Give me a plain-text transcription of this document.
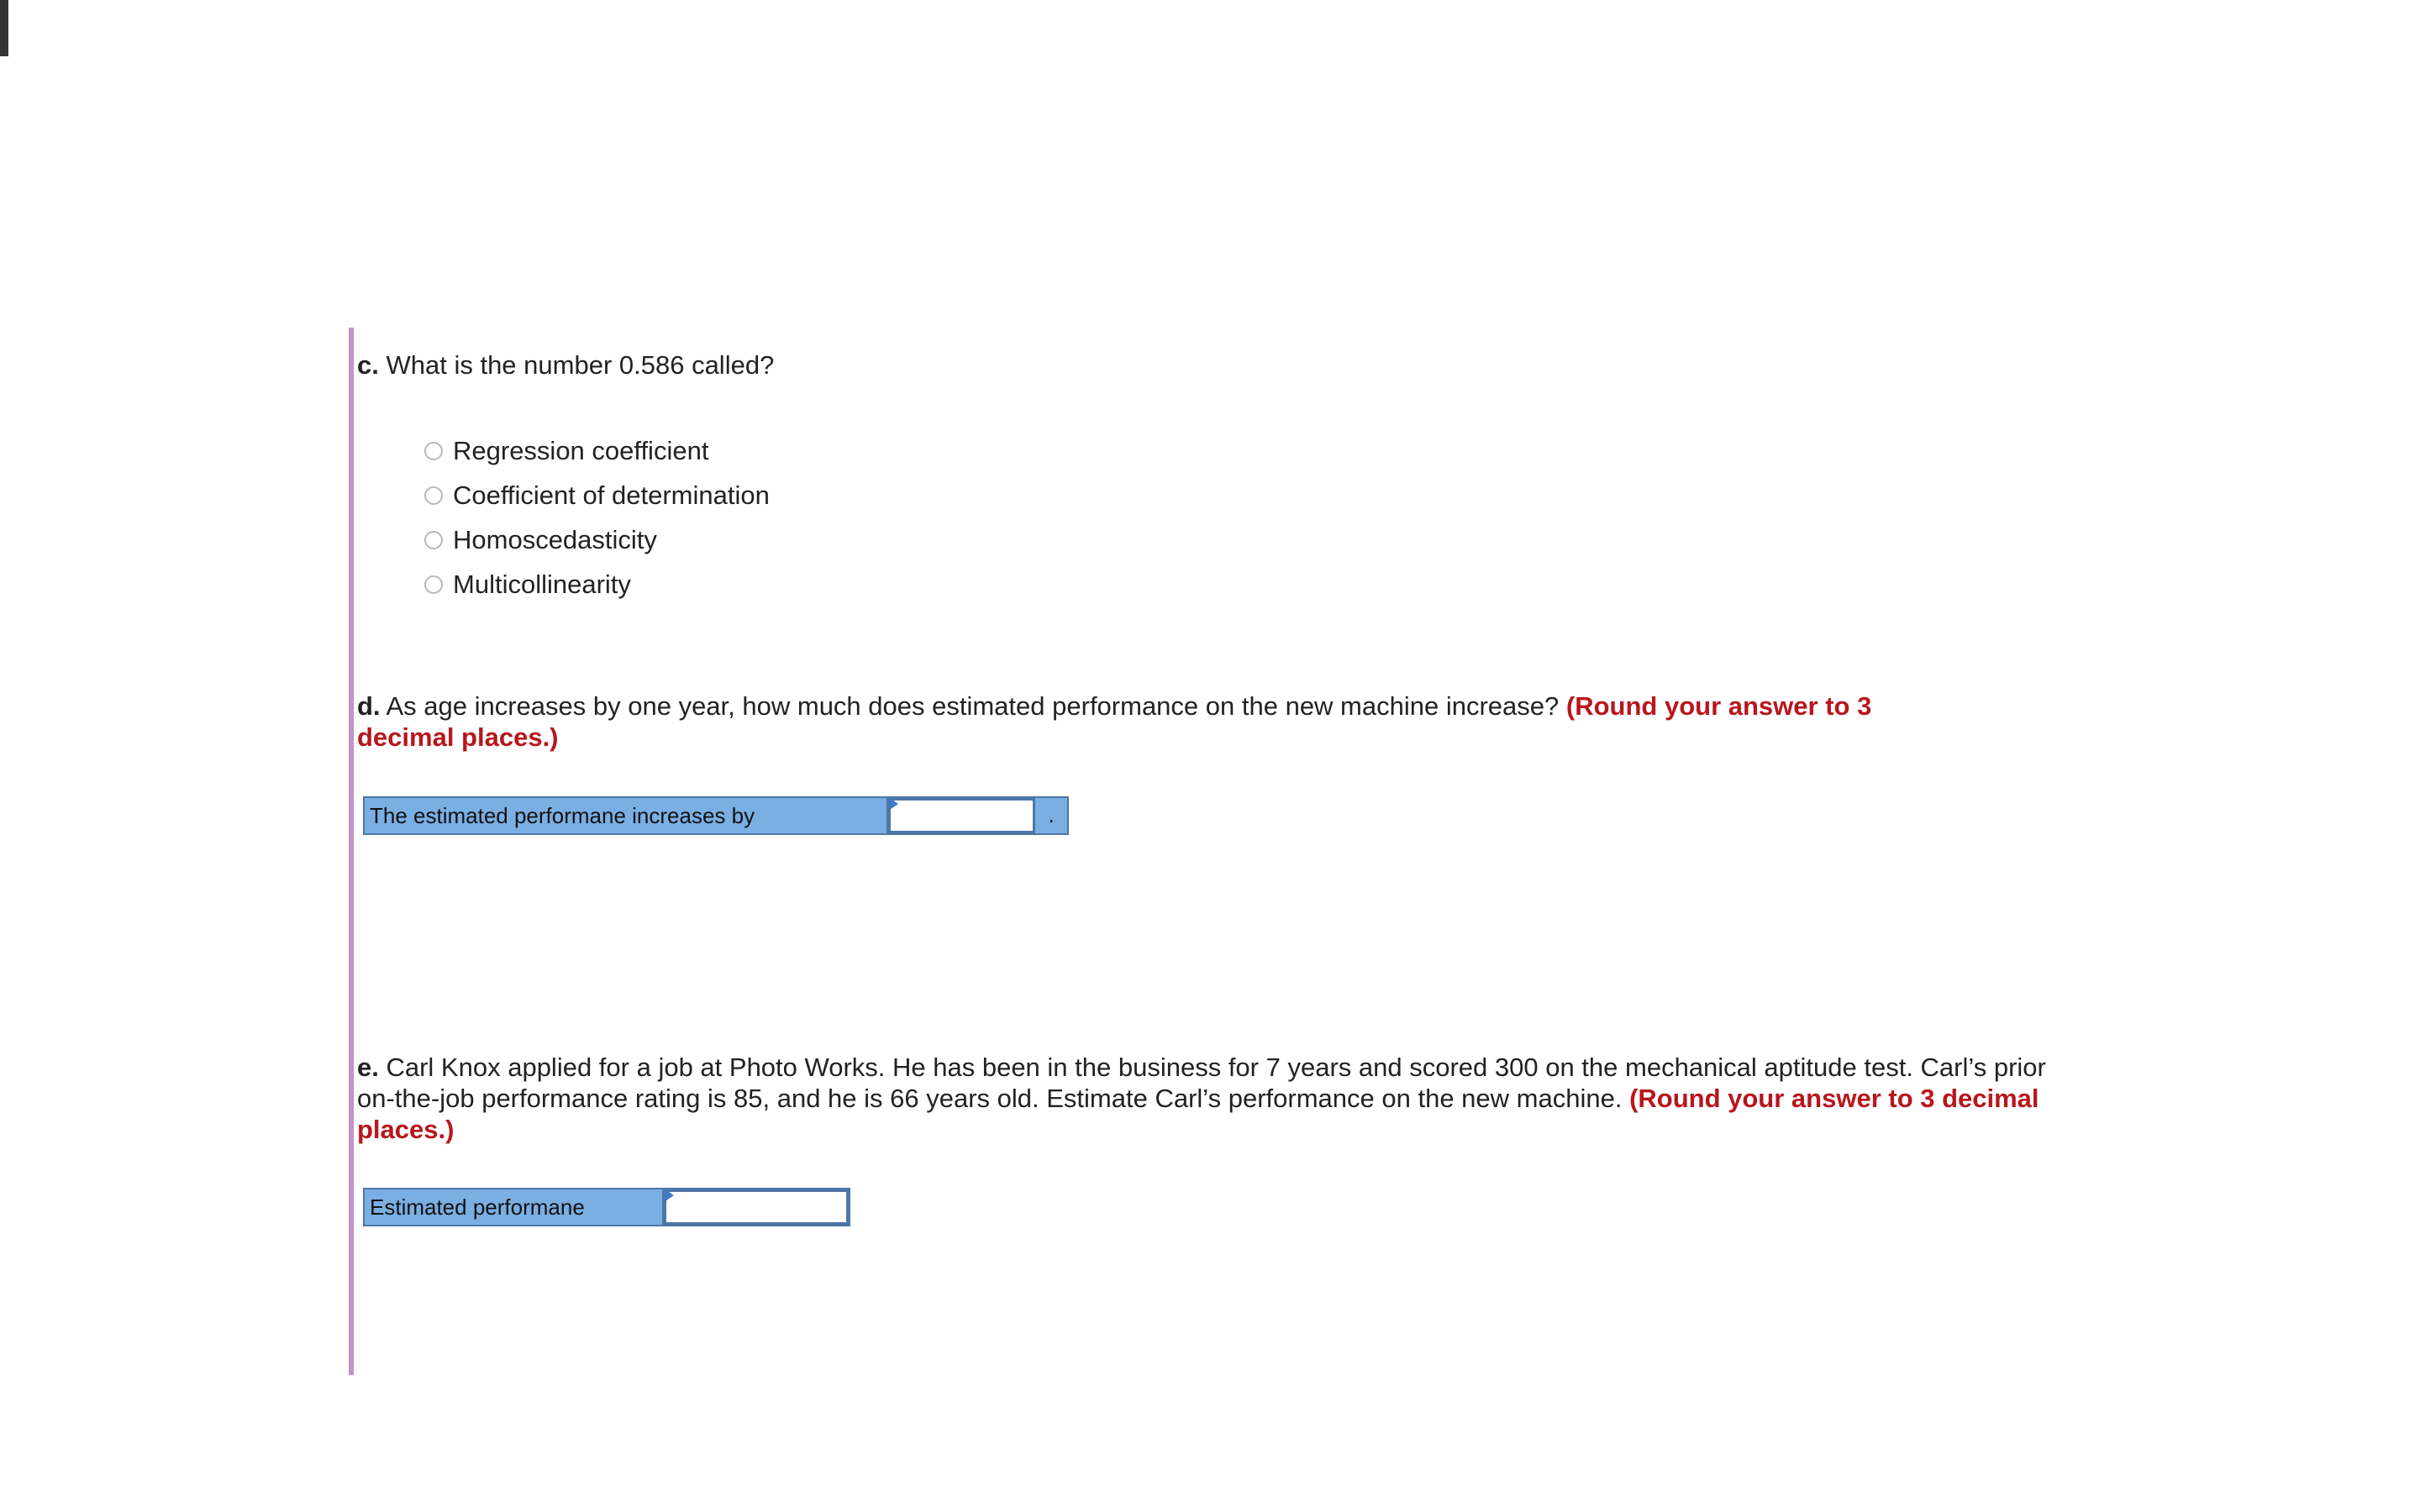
c. What is the number 0.586 called?
Regression coefficient
Coefficient of determination
Homoscedasticity
Multicollinearity
d. As age increases by one year, how much does estimated performance on the new machine increase? (Round your answer to 3 decimal places.)
The estimated performane increases by	.
e. Carl Knox applied for a job at Photo Works. He has been in the business for 7 years and scored 300 on the mechanical aptitude test. Carl’s prior on-the-job performance rating is 85, and he is 66 years old. Estimate Carl’s performance on the new machine. (Round your answer to 3 decimal places.)
Estimated performane
